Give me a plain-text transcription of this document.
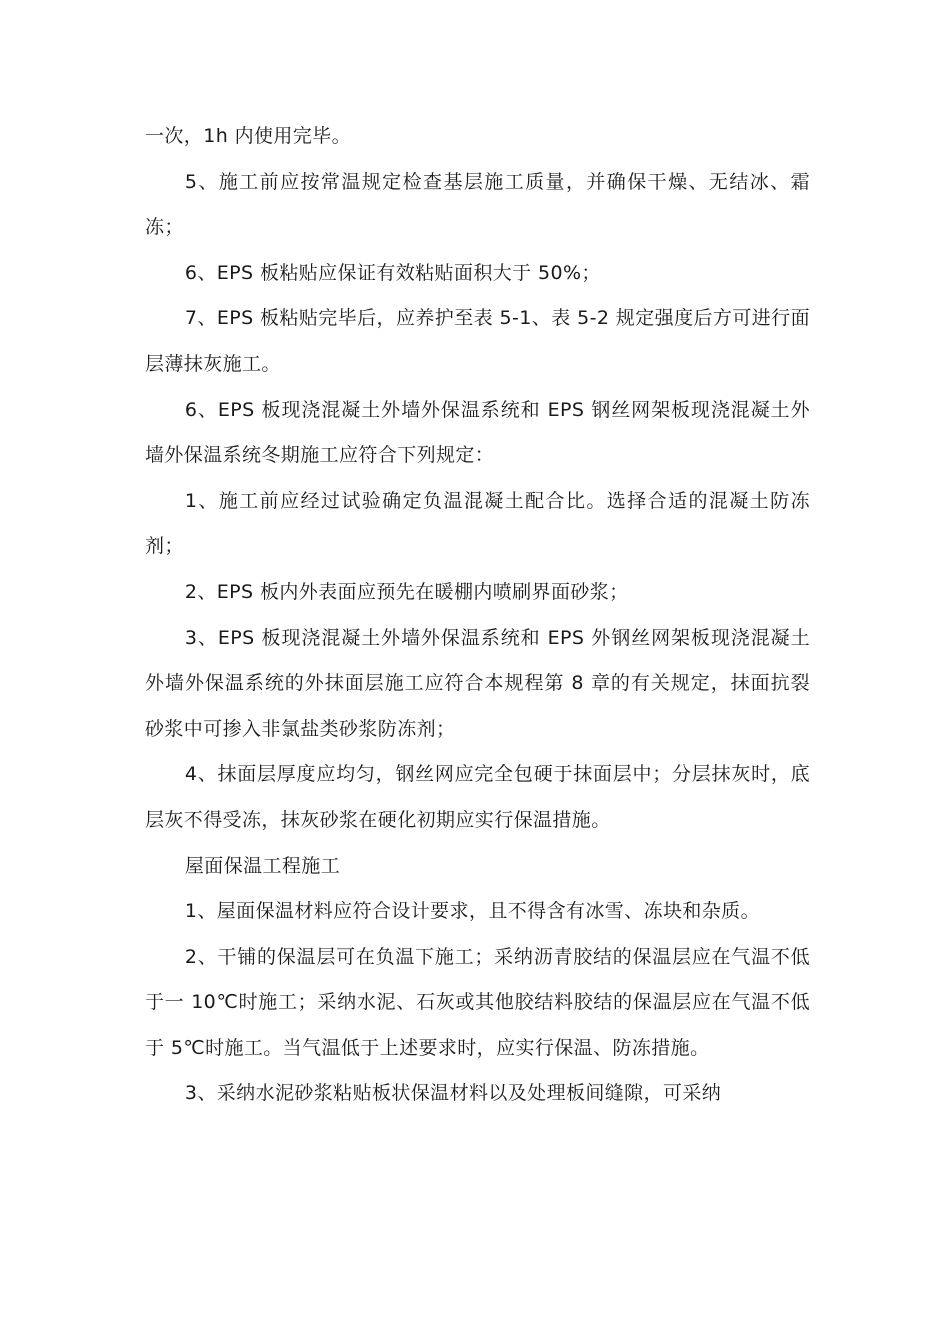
一次，1h 内使用完毕。

5、施工前应按常温规定检查基层施工质量，并确保干燥、无结冰、霜冻；

6、EPS 板粘贴应保证有效粘贴面积大于 50%；

7、EPS 板粘贴完毕后，应养护至表 5-1、表 5-2 规定强度后方可进行面层薄抹灰施工。

6、EPS 板现浇混凝土外墙外保温系统和 EPS 钢丝网架板现浇混凝土外墙外保温系统冬期施工应符合下列规定：

1、施工前应经过试验确定负温混凝土配合比。选择合适的混凝土防冻剂；

2、EPS 板内外表面应预先在暖棚内喷刷界面砂浆；

3、EPS 板现浇混凝土外墙外保温系统和 EPS 外钢丝网架板现浇混凝土外墙外保温系统的外抹面层施工应符合本规程第 8 章的有关规定，抹面抗裂砂浆中可掺入非氯盐类砂浆防冻剂；

4、抹面层厚度应均匀，钢丝网应完全包硬于抹面层中；分层抹灰时，底层灰不得受冻，抹灰砂浆在硬化初期应实行保温措施。

屋面保温工程施工

1、屋面保温材料应符合设计要求，且不得含有冰雪、冻块和杂质。

2、干铺的保温层可在负温下施工；采纳沥青胶结的保温层应在气温不低于一 10℃时施工；采纳水泥、石灰或其他胶结料胶结的保温层应在气温不低于 5℃时施工。当气温低于上述要求时，应实行保温、防冻措施。

3、采纳水泥砂浆粘贴板状保温材料以及处理板间缝隙，可采纳
